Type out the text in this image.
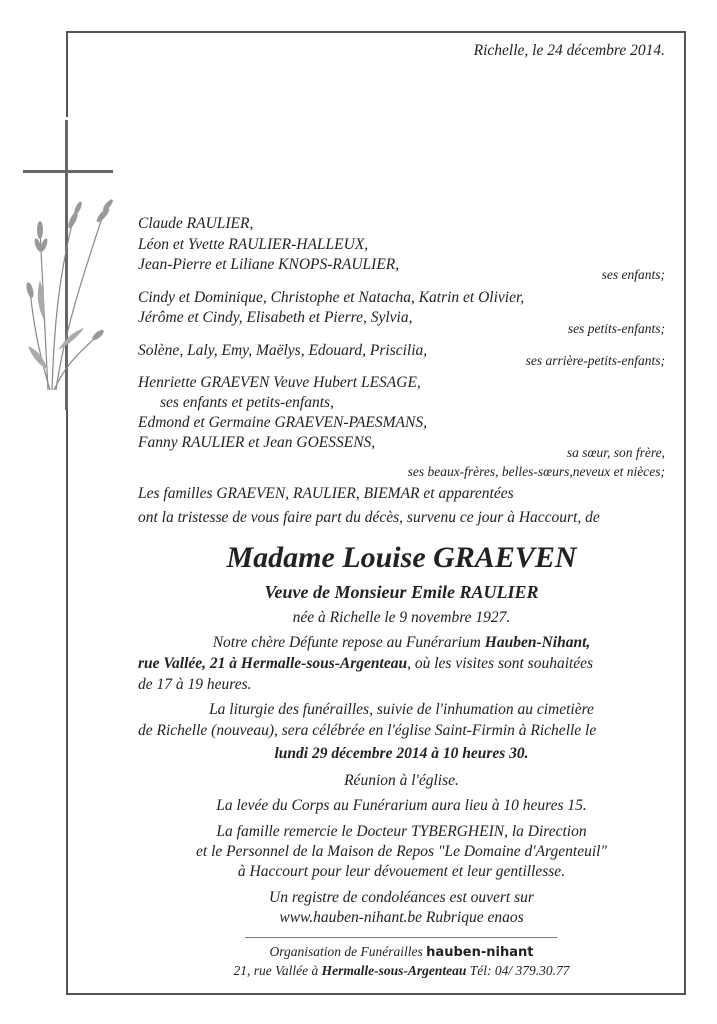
Richelle, le 24 décembre 2014.
Claude RAULIER,
Léon et Yvette RAULIER-HALLEUX,
Jean-Pierre et Liliane KNOPS-RAULIER,
ses enfants;
Cindy et Dominique, Christophe et Natacha, Katrin et Olivier,
Jérôme et Cindy, Elisabeth et Pierre, Sylvia,
ses petits-enfants;
Solène, Laly, Emy, Maëlys, Edouard, Priscilia,
ses arrière-petits-enfants;
Henriette GRAEVEN Veuve Hubert LESAGE,
ses enfants et petits-enfants,
Edmond et Germaine GRAEVEN-PAESMANS,
Fanny RAULIER et Jean GOESSENS,
sa sœur, son frère,
ses beaux-frères, belles-sœurs,neveux et nièces;
Les familles GRAEVEN, RAULIER, BIEMAR et apparentées
ont la tristesse de vous faire part du décès, survenu ce jour à Haccourt, de
Madame Louise GRAEVEN
Veuve de Monsieur Emile RAULIER
née à Richelle le 9 novembre 1927.
Notre chère Défunte repose au Funérarium Hauben-Nihant,
rue Vallée, 21 à Hermalle-sous-Argenteau, où les visites sont souhaitées
de 17 à 19 heures.
La liturgie des funérailles, suivie de l'inhumation au cimetière
de Richelle (nouveau), sera célébrée en l'église Saint-Firmin à Richelle le
lundi 29 décembre 2014 à 10 heures 30.
Réunion à l'église.
La levée du Corps au Funérarium aura lieu à 10 heures 15.
La famille remercie le Docteur TYBERGHEIN, la Direction
et le Personnel de la Maison de Repos "Le Domaine d'Argenteuil"
à Haccourt pour leur dévouement et leur gentillesse.
Un registre de condoléances est ouvert sur
www.hauben-nihant.be Rubrique enaos
Organisation de Funérailles hauben-nihant
21, rue Vallée à Hermalle-sous-Argenteau Tél: 04/ 379.30.77
